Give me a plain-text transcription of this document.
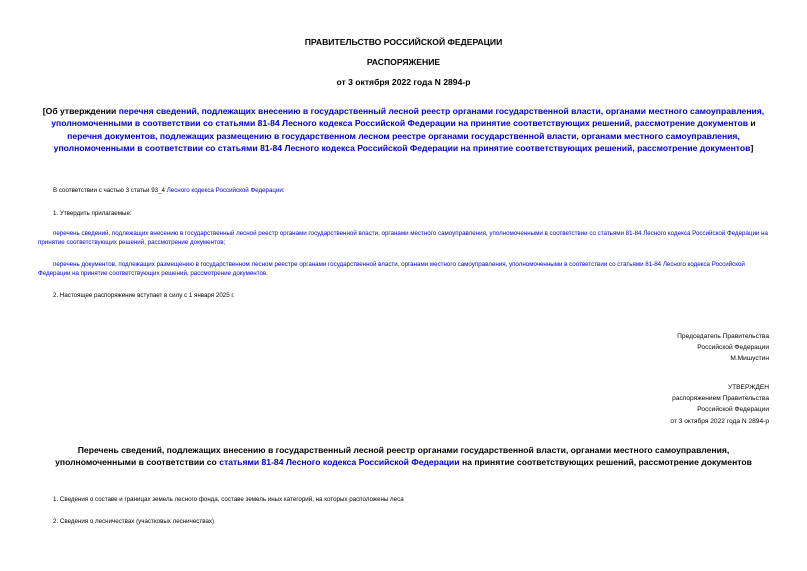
ПРАВИТЕЛЬСТВО РОССИЙСКОЙ ФЕДЕРАЦИИ
РАСПОРЯЖЕНИЕ
от 3 октября 2022 года N 2894-р
[Об утверждении перечня сведений, подлежащих внесению в государственный лесной реестр органами государственной власти, органами местного самоуправления, уполномоченными в соответствии со статьями 81-84 Лесного кодекса Российской Федерации на принятие соответствующих решений, рассмотрение документов и перечня документов, подлежащих размещению в государственном лесном реестре органами государственной власти, органами местного самоуправления, уполномоченными в соответствии со статьями 81-84 Лесного кодекса Российской Федерации на принятие соответствующих решений, рассмотрение документов]
В соответствии с частью 3 статьи 93_4 Лесного кодекса Российской Федерации:
1. Утвердить прилагаемые:
перечень сведений, подлежащих внесению в государственный лесной реестр органами государственной власти, органами местного самоуправления, уполномоченными в соответствии со статьями 81-84 Лесного кодекса Российской Федерации на принятие соответствующих решений, рассмотрение документов;
перечень документов, подлежащих размещению в государственном лесном реестре органами государственной власти, органами местного самоуправления, уполномоченными в соответствии со статьями 81-84 Лесного кодекса Российской Федерации на принятие соответствующих решений, рассмотрение документов.
2. Настоящее распоряжение вступает в силу с 1 января 2025 г.
Председатель Правительства
Российской Федерации
М.Мишустин
УТВЕРЖДЕН
распоряжением Правительства
Российской Федерации
от 3 октября 2022 года N 2894-р
Перечень сведений, подлежащих внесению в государственный лесной реестр органами государственной власти, органами местного самоуправления, уполномоченными в соответствии со статьями 81-84 Лесного кодекса Российской Федерации на принятие соответствующих решений, рассмотрение документов
1. Сведения о составе и границах земель лесного фонда, составе земель иных категорий, на которых расположены леса
2. Сведения о лесничествах (участковых лесничествах)
